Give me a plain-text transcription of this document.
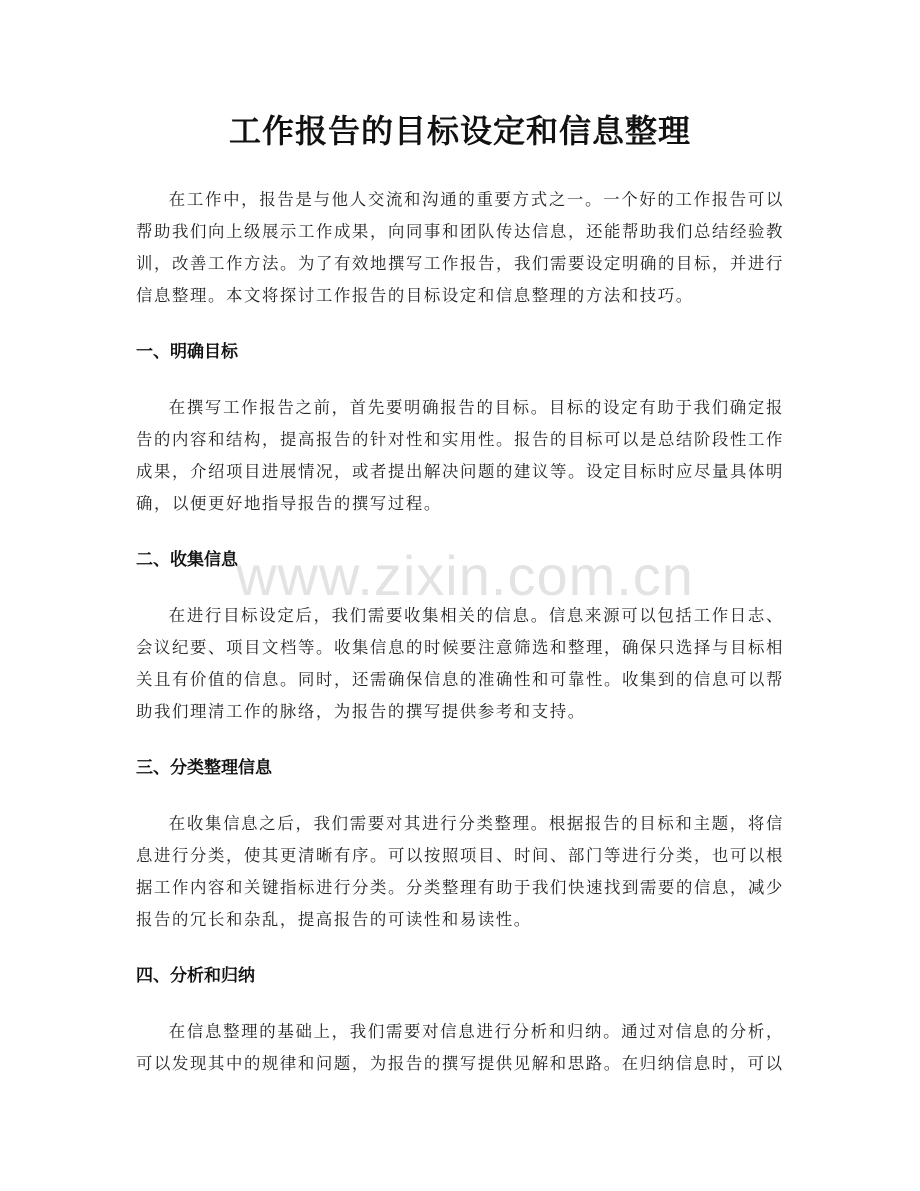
工作报告的目标设定和信息整理

在工作中，报告是与他人交流和沟通的重要方式之一。一个好的工作报告可以帮助我们向上级展示工作成果，向同事和团队传达信息，还能帮助我们总结经验教训，改善工作方法。为了有效地撰写工作报告，我们需要设定明确的目标，并进行信息整理。本文将探讨工作报告的目标设定和信息整理的方法和技巧。

一、明确目标

在撰写工作报告之前，首先要明确报告的目标。目标的设定有助于我们确定报告的内容和结构，提高报告的针对性和实用性。报告的目标可以是总结阶段性工作成果，介绍项目进展情况，或者提出解决问题的建议等。设定目标时应尽量具体明确，以便更好地指导报告的撰写过程。

二、收集信息

在进行目标设定后，我们需要收集相关的信息。信息来源可以包括工作日志、会议纪要、项目文档等。收集信息的时候要注意筛选和整理，确保只选择与目标相关且有价值的信息。同时，还需确保信息的准确性和可靠性。收集到的信息可以帮助我们理清工作的脉络，为报告的撰写提供参考和支持。

三、分类整理信息

在收集信息之后，我们需要对其进行分类整理。根据报告的目标和主题，将信息进行分类，使其更清晰有序。可以按照项目、时间、部门等进行分类，也可以根据工作内容和关键指标进行分类。分类整理有助于我们快速找到需要的信息，减少报告的冗长和杂乱，提高报告的可读性和易读性。

四、分析和归纳

在信息整理的基础上，我们需要对信息进行分析和归纳。通过对信息的分析，可以发现其中的规律和问题，为报告的撰写提供见解和思路。在归纳信息时，可以

www.zixin.com.cn
